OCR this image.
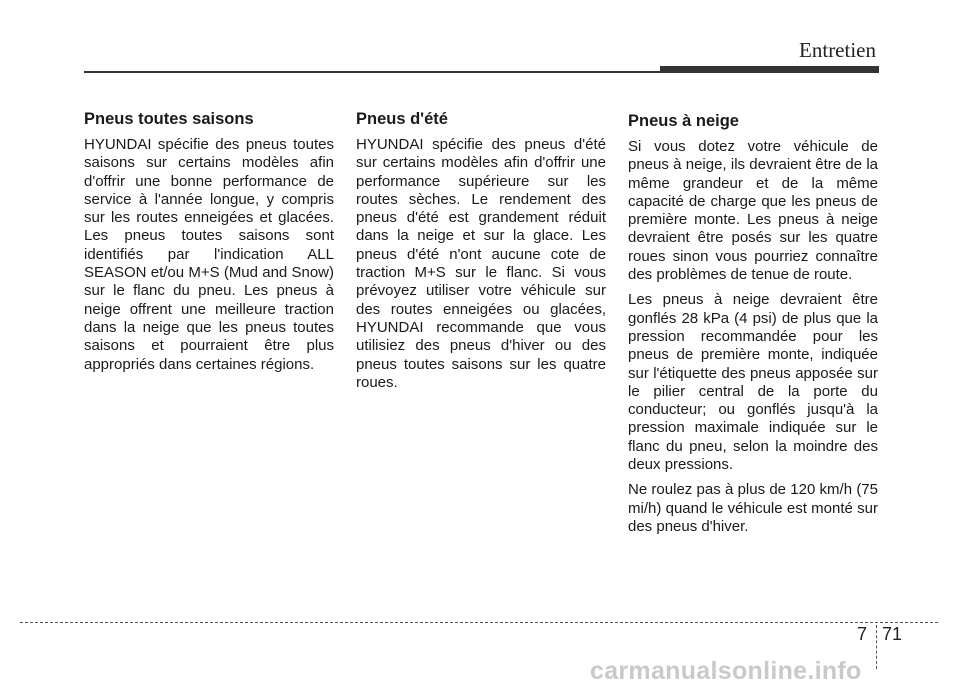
Entretien
Pneus toutes saisons

HYUNDAI spécifie des pneus toutes saisons sur certains modèles afin d'offrir une bonne performance de service à l'année longue, y compris sur les routes enneigées et glacées. Les pneus toutes saisons sont identifiés par l'indication ALL SEASON et/ou M+S (Mud and Snow) sur le flanc du pneu. Les pneus à neige offrent une meilleure traction dans la neige que les pneus toutes saisons et pourraient être plus appropriés dans certaines régions.

Pneus d'été

HYUNDAI spécifie des pneus d'été sur certains modèles afin d'offrir une performance supérieure sur les routes sèches. Le rendement des pneus d'été est grandement réduit dans la neige et sur la glace. Les pneus d'été n'ont aucune cote de traction M+S sur le flanc. Si vous prévoyez utiliser votre véhicule sur des routes enneigées ou glacées, HYUNDAI recommande que vous utilisiez des pneus d'hiver ou des pneus toutes saisons sur les quatre roues.

Pneus à neige

Si vous dotez votre véhicule de pneus à neige, ils devraient être de la même grandeur et de la même capacité de charge que les pneus de première monte. Les pneus à neige devraient être posés sur les quatre roues sinon vous pourriez connaître des problèmes de tenue de route.

Les pneus à neige devraient être gonflés 28 kPa (4 psi) de plus que la pression recommandée pour les pneus de première monte, indiquée sur l'étiquette des pneus apposée sur le pilier central de la porte du conducteur; ou gonflés jusqu'à la pression maximale indiquée sur le flanc du pneu, selon la moindre des deux pressions.

Ne roulez pas à plus de 120 km/h (75 mi/h) quand le véhicule est monté sur des pneus d'hiver.

7 71
carmanualsonline.info
